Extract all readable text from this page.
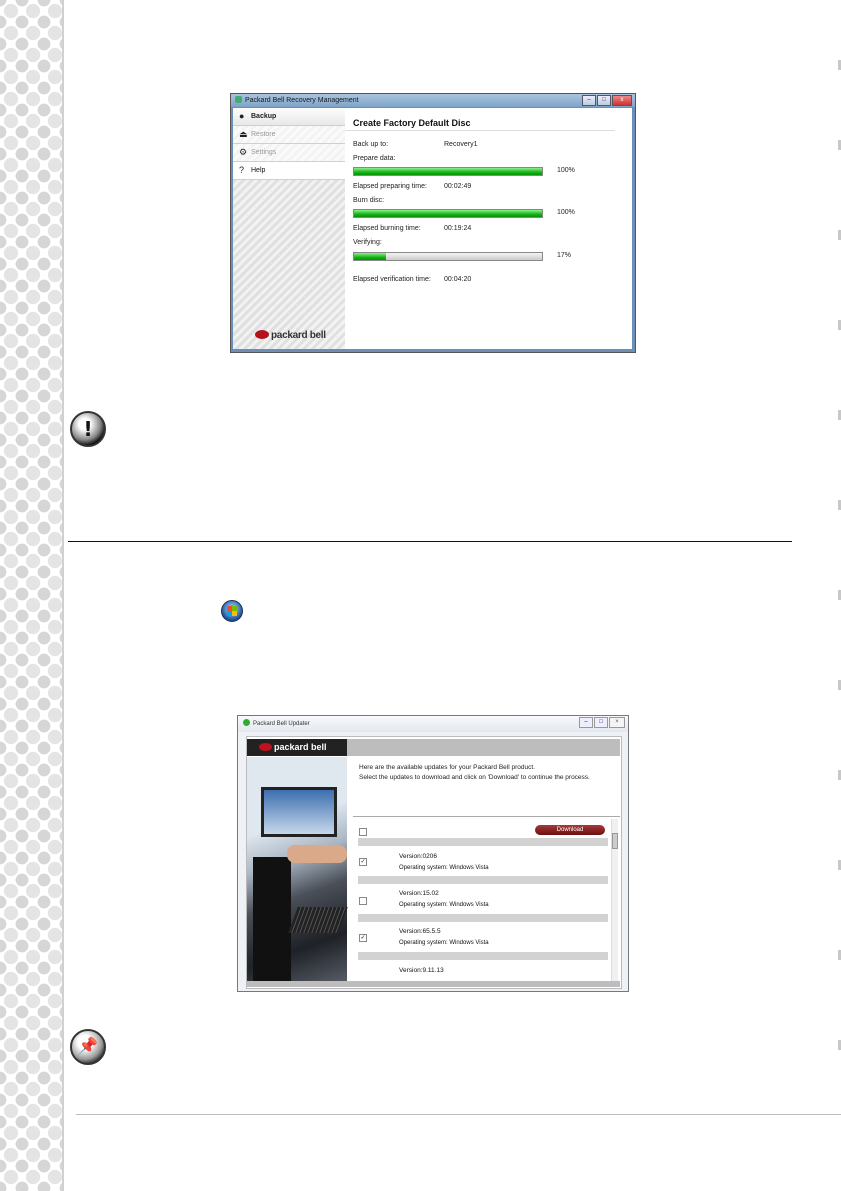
Packard Bell Recovery Management	–	□	x
● Backup
⏏ Restore
⚙ Settings
? Help
packard bell
Create Factory Default Disc
Back up to:	Recovery1
Prepare data:
100%
Elapsed preparing time: 00:02:49
Burn disc:
100%
Elapsed burning time:	00:19:24
Verifying:
17%
Elapsed verification time: 00:04:20
!
Packard Bell Updater	–	□	×
packard bell
Here are the available updates for your Packard Bell product.
Select the updates to download and click on 'Download' to continue the process.
Download
✓
Version:0206
Operating system: Windows Vista
Version:15.02
Operating system: Windows Vista
✓
Version:65.5.5
Operating system: Windows Vista
Version:9.11.13
📌
